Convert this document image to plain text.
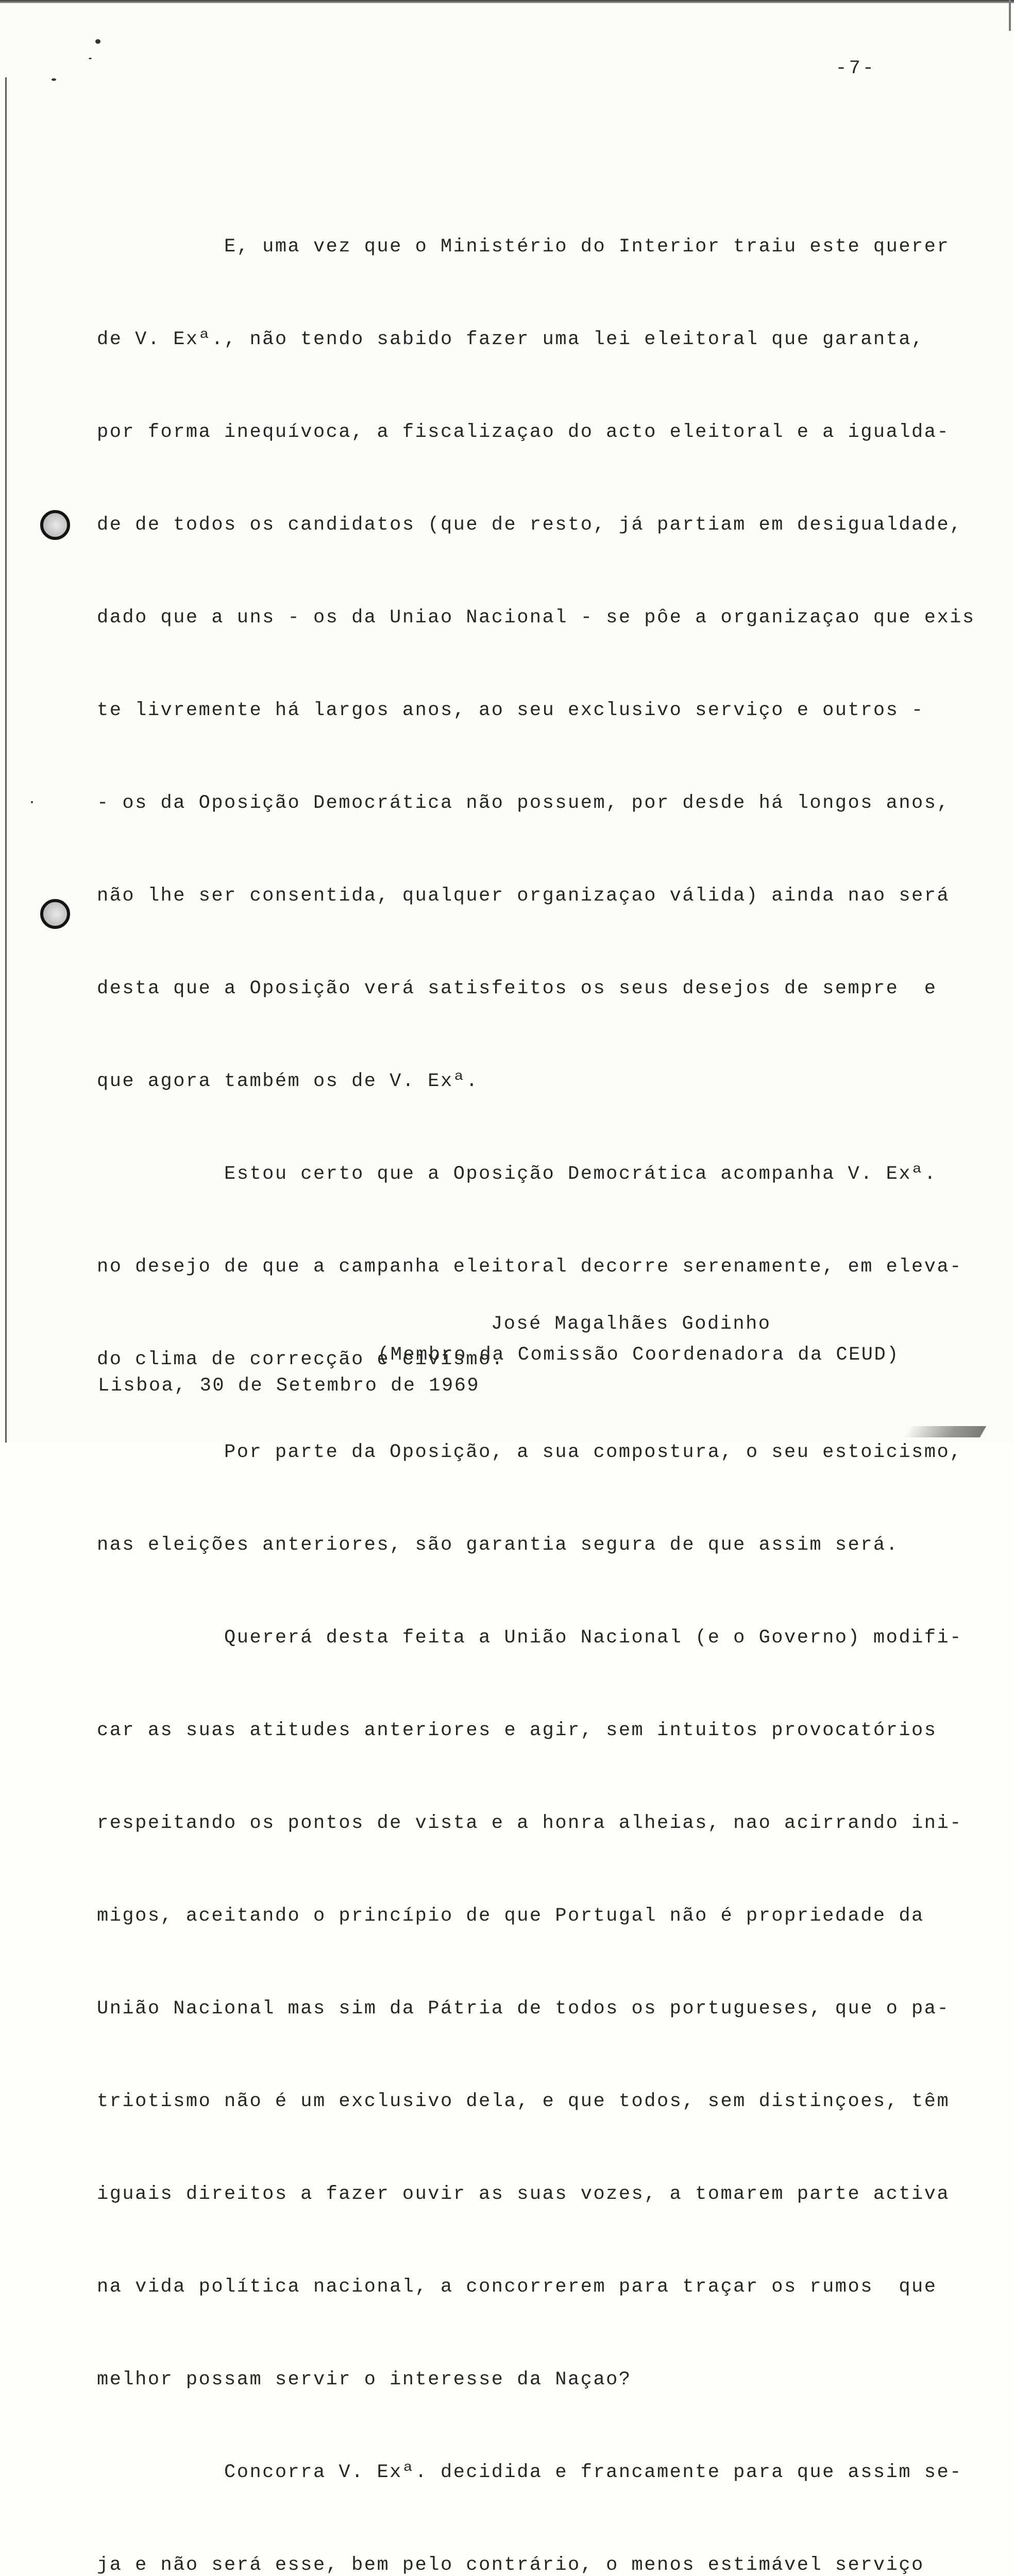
-7-

E, uma vez que o Ministério do Interior traiu este querer

de V. Exª., não tendo sabido fazer uma lei eleitoral que garanta,

por forma inequívoca, a fiscalizaçao do acto eleitoral e a igualda-

de de todos os candidatos (que de resto, já partiam em desigualdade,

dado que a uns - os da Uniao Nacional - se pôe a organizaçao que exis

te livremente há largos anos, ao seu exclusivo serviço e outros -

- os da Oposição Democrática não possuem, por desde há longos anos,

não lhe ser consentida, qualquer organizaçao válida) ainda nao será

desta que a Oposição verá satisfeitos os seus desejos de sempre  e

que agora também os de V. Exª.

Estou certo que a Oposição Democrática acompanha V. Exª.

no desejo de que a campanha eleitoral decorre serenamente, em eleva-

do clima de correcção e civismo.

Por parte da Oposição, a sua compostura, o seu estoicismo,

nas eleições anteriores, são garantia segura de que assim será.

Quererá desta feita a União Nacional (e o Governo) modifi-

car as suas atitudes anteriores e agir, sem intuitos provocatórios

respeitando os pontos de vista e a honra alheias, nao acirrando ini-

migos, aceitando o princípio de que Portugal não é propriedade da

União Nacional mas sim da Pátria de todos os portugueses, que o pa-

triotismo não é um exclusivo dela, e que todos, sem distinçoes, têm

iguais direitos a fazer ouvir as suas vozes, a tomarem parte activa

na vida política nacional, a concorrerem para traçar os rumos  que

melhor possam servir o interesse da Naçao?

Concorra V. Exª. decidida e francamente para que assim se-

ja e não será esse, bem pelo contrário, o menos estimável serviço

José Magalhães Godinho

(Membro da Comissão Coordenadora da CEUD)

Lisboa, 30 de Setembro de 1969
